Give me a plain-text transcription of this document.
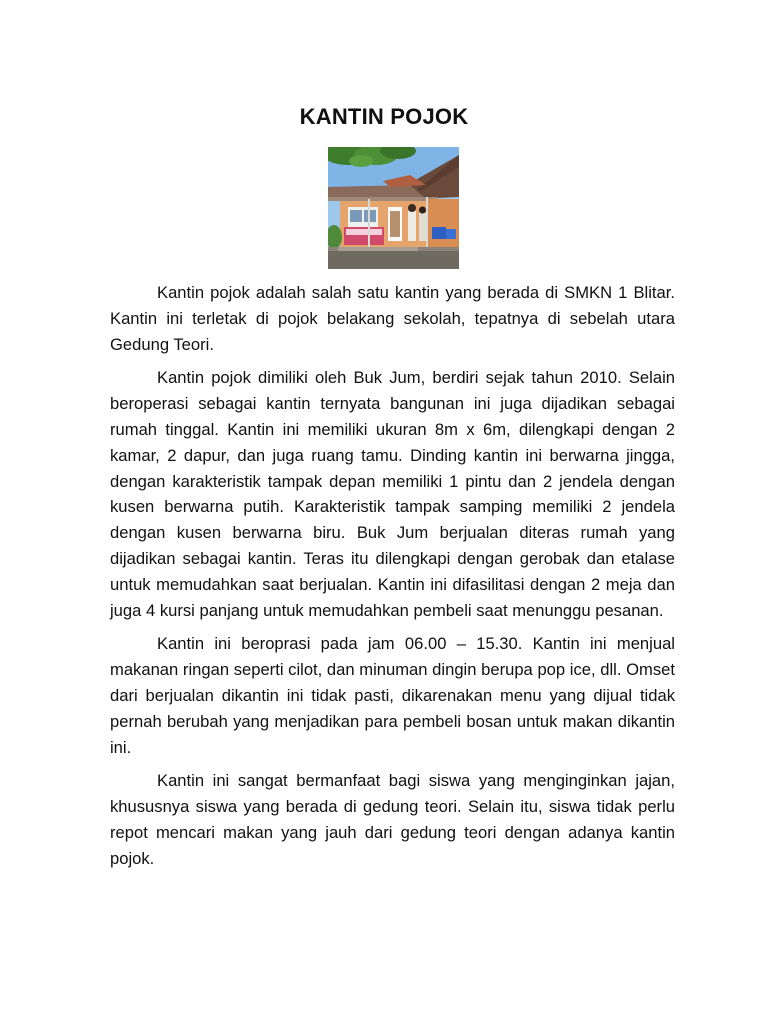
KANTIN POJOK

Kantin pojok adalah salah satu kantin yang berada di SMKN 1 Blitar. Kantin ini terletak di pojok belakang sekolah, tepatnya di sebelah utara Gedung Teori.

Kantin pojok dimiliki oleh Buk Jum, berdiri sejak tahun 2010. Selain beroperasi sebagai kantin ternyata bangunan ini juga dijadikan sebagai rumah tinggal. Kantin ini memiliki ukuran 8m x 6m, dilengkapi dengan 2 kamar, 2 dapur, dan juga ruang tamu. Dinding kantin ini berwarna jingga, dengan karakteristik tampak depan memiliki 1 pintu dan 2 jendela dengan kusen berwarna putih. Karakteristik tampak samping memiliki 2 jendela dengan kusen berwarna biru. Buk Jum berjualan diteras rumah yang dijadikan sebagai kantin. Teras itu dilengkapi dengan gerobak dan etalase untuk memudahkan saat berjualan. Kantin ini difasilitasi dengan 2 meja dan juga 4 kursi panjang untuk memudahkan pembeli saat menunggu pesanan.

Kantin ini beroprasi pada jam 06.00 – 15.30. Kantin ini menjual makanan ringan seperti cilot, dan minuman dingin berupa pop ice, dll. Omset dari berjualan dikantin ini tidak pasti, dikarenakan menu yang dijual tidak pernah berubah yang menjadikan para pembeli bosan untuk makan dikantin ini.

Kantin ini sangat bermanfaat bagi siswa yang menginginkan jajan, khususnya siswa yang berada di gedung teori. Selain itu, siswa tidak perlu repot mencari makan yang jauh dari gedung teori dengan adanya kantin pojok.
